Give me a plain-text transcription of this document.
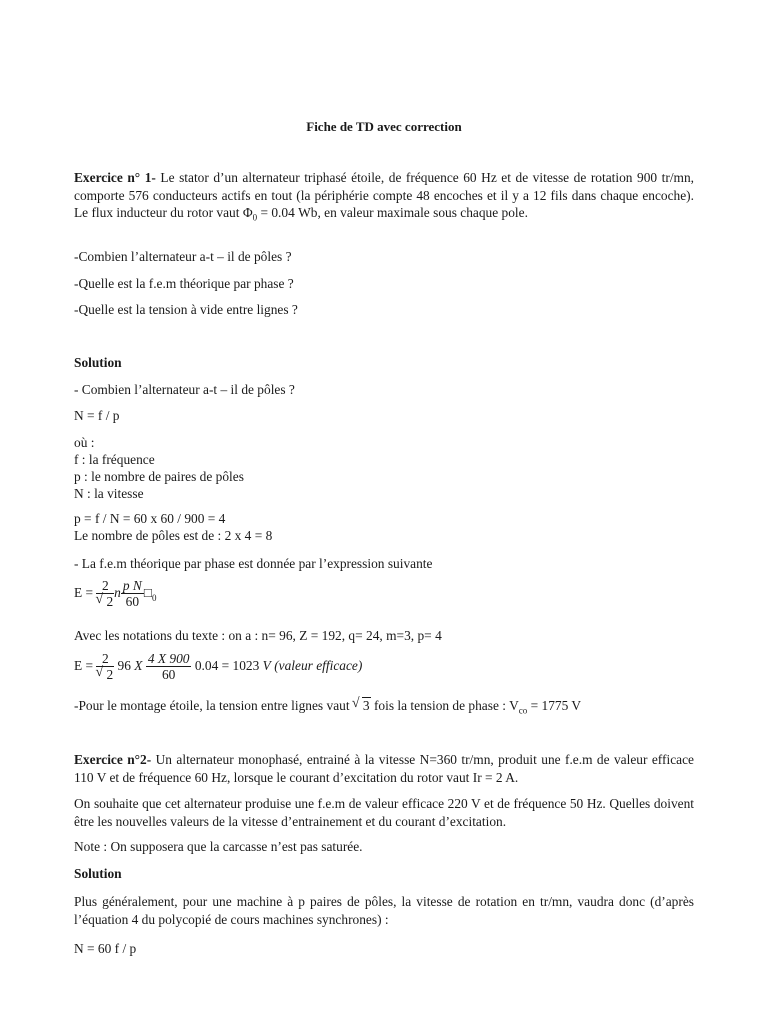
Fiche de TD avec correction
Exercice n° 1- Le stator d’un alternateur triphasé étoile, de fréquence 60 Hz et de vitesse de rotation 900 tr/mn, comporte 576 conducteurs actifs en tout (la périphérie compte 48 encoches et il y a 12 fils dans chaque encoche). Le flux inducteur du rotor vaut $\Phi_0 = 0.04$ Wb, en valeur maximale sous chaque pole.
-Combien l’alternateur a-t – il de pôles ?
-Quelle est la f.e.m théorique par phase ?
-Quelle est la tension à vide entre lignes ?
Solution
- Combien l’alternateur a-t – il de pôles ?
N = f / p
où :
f : la fréquence
p : le nombre de paires de pôles
N : la vitesse
p = f / N = 60 x 60 / 900 = 4
Le nombre de pôles est de : 2 x 4 = 8
- La f.e.m théorique par phase est donnée par l’expression suivante
E = 2
√ 2 n $\frac{\text{p N}}{60}$ $□_0$
Avec les notations du texte : on a : n= 96, Z = 192, q= 24, m=3, p= 4
E = 2
√ 2 96 X $\frac{4 X 900}{60} 0.04 = 1023$ V (valeur efficace)
-Pour le montage étoile, la tension entre lignes vaut √ 3 fois la tension de phase : $V_{co} = 1775$ V
Exercice n°2- Un alternateur monophasé, entrainé à la vitesse N=360 tr/mn, produit une f.e.m de valeur efficace 110 V et de fréquence 60 Hz, lorsque le courant d’excitation du rotor vaut Ir = 2 A.
On souhaite que cet alternateur produise une f.e.m de valeur efficace 220 V et de fréquence 50 Hz. Quelles doivent être les nouvelles valeurs de la vitesse d’entrainement et du courant d’excitation.
Note : On supposera que la carcasse n’est pas saturée.
Solution
Plus généralement, pour une machine à p paires de pôles, la vitesse de rotation en tr/mn, vaudra donc (d’après l’équation 4 du polycopié de cours machines synchrones) :
N = 60 f / p
